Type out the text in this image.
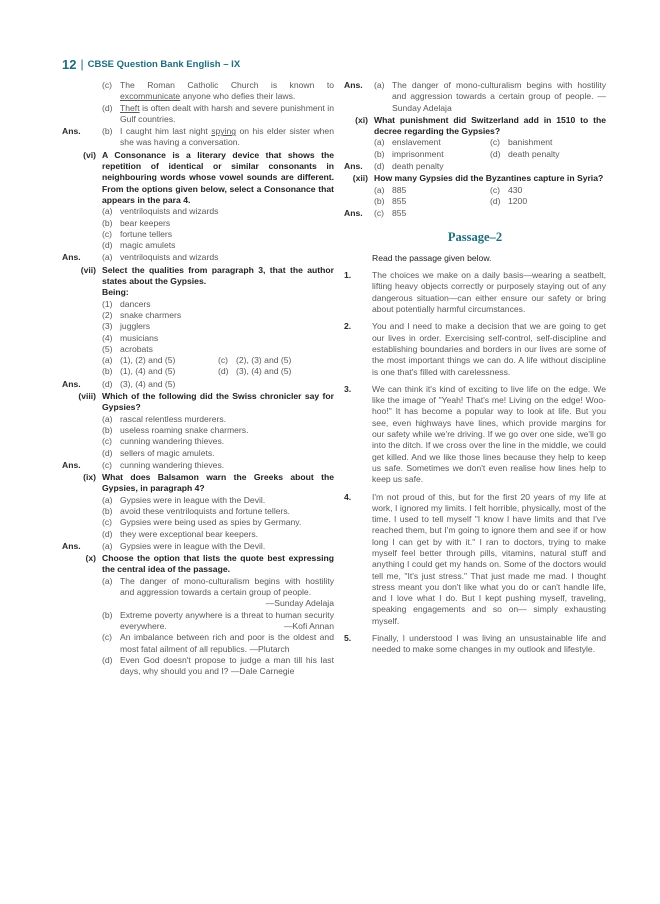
12 | CBSE Question Bank English – IX
(c) The Roman Catholic Church is known to excommunicate anyone who defies their laws.
(d) Theft is often dealt with harsh and severe punishment in Gulf countries.
Ans.	(b) I caught him last night spying on his elder sister when she was having a conversation.
(vi) A Consonance is a literary device that shows the repetition of identical or similar consonants in neighbouring words whose vowel sounds are different. From the options given below, select a Consonance that appears in the para 4.
(a) ventriloquists and wizards
(b) bear keepers
(c) fortune tellers
(d) magic amulets
Ans.	(a) ventriloquists and wizards
(vii) Select the qualities from paragraph 3, that the author states about the Gypsies.
Being:
(1) dancers
(2) snake charmers
(3) jugglers
(4) musicians
(5) acrobats
(a) (1), (2) and (5)	(c) (2), (3) and (5)
(b) (1), (4) and (5)	(d) (3), (4) and (5)
Ans.	(d) (3), (4) and (5)
(viii) Which of the following did the Swiss chronicler say for Gypsies?
(a) rascal relentless murderers.
(b) useless roaming snake charmers.
(c) cunning wandering thieves.
(d) sellers of magic amulets.
Ans.	(c) cunning wandering thieves.
(ix) What does Balsamon warn the Greeks about the Gypsies, in paragraph 4?
(a) Gypsies were in league with the Devil.
(b) avoid these ventriloquists and fortune tellers.
(c) Gypsies were being used as spies by Germany.
(d) they were exceptional bear keepers.
Ans.	(a) Gypsies were in league with the Devil.
(x) Choose the option that lists the quote best expressing the central idea of the passage.
(a) The danger of mono-culturalism begins with hostility and aggression towards a certain group of people.
—Sunday Adelaja
(b) Extreme poverty anywhere is a threat to human security everywhere.	—Kofi Annan
(c) An imbalance between rich and poor is the oldest and most fatal ailment of all republics. —Plutarch
(d) Even God doesn't propose to judge a man till his last days, why should you and I? —Dale Carnegie
Ans.	(a) The danger of mono-culturalism begins with hostility and aggression towards a certain group of people. — Sunday Adelaja
(xi) What punishment did Switzerland add in 1510 to the decree regarding the Gypsies?
(a) enslavement	(c) banishment
(b) imprisonment	(d) death penalty
Ans.	(d) death penalty
(xii) How many Gypsies did the Byzantines capture in Syria?
(a) 885	(c) 430
(b) 855	(d) 1200
Ans.	(c) 855
Passage–2
Read the passage given below.
1.	The choices we make on a daily basis—wearing a seatbelt, lifting heavy objects correctly or purposely staying out of any dangerous situation—can either ensure our safety or bring about potentially harmful circumstances.
2.	You and I need to make a decision that we are going to get our lives in order. Exercising self-control, self-discipline and establishing boundaries and borders in our lives are some of the most important things we can do. A life without discipline is one that's filled with carelessness.
3.	We can think it's kind of exciting to live life on the edge. We like the image of "Yeah! That's me! Living on the edge! Woo-hoo!" It has become a popular way to look at life. But you see, even highways have lines, which provide margins for our safety while we're driving. If we go over one side, we'll go into the ditch. If we cross over the line in the middle, we could get killed. And we like those lines because they help to keep us safe. Sometimes we don't even realise how lines help to keep us safe.
4.	I'm not proud of this, but for the first 20 years of my life at work, I ignored my limits. I felt horrible, physically, most of the time. I used to tell myself "I know I have limits and that I've reached them, but I'm going to ignore them and see if or how long I can get by with it." I ran to doctors, trying to make myself feel better through pills, vitamins, natural stuff and anything I could get my hands on. Some of the doctors would tell me, "It's just stress." That just made me mad. I thought stress meant you don't like what you do or can't handle life, and I love what I do. But I kept pushing myself, traveling, speaking engagements and so on— simply exhausting myself.
5.	Finally, I understood I was living an unsustainable life and needed to make some changes in my outlook and lifestyle.
